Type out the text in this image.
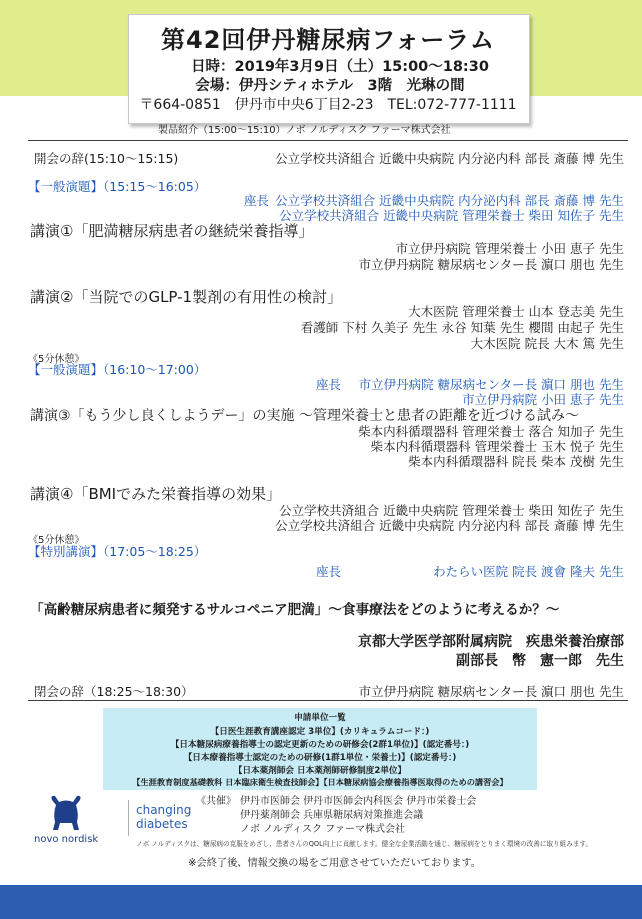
第42回伊丹糖尿病フォーラム
日時：2019年3月9日（土）15:00～18:30
会場：伊丹シティホテル　3階　光琳の間
〒664-0851　伊丹市中央6丁目2-23　TEL:072-777-1111
製品紹介（15:00～15:10）ノボ ノルディスク ファーマ株式会社
開会の辞(15:10～15:15)	公立学校共済組合 近畿中央病院 内分泌内科 部長 斎藤 博 先生
【一般演題】（15:15～16:05）
座長 公立学校共済組合 近畿中央病院 内分泌内科 部長 斎藤 博 先生
公立学校共済組合 近畿中央病院 管理栄養士 柴田 知佐子 先生
講演①「肥満糖尿病患者の継続栄養指導」
市立伊丹病院 管理栄養士 小田 恵子 先生
市立伊丹病院 糖尿病センター長 濵口 朋也 先生
講演②「当院でのGLP-1製剤の有用性の検討」
大木医院 管理栄養士 山本 登志美 先生
看護師 下村 久美子 先生 永谷 知葉 先生 櫻間 由起子 先生
大木医院 院長 大木 篤 先生
《5分休憩》
【一般演題】（16:10～17:00）
座長	市立伊丹病院 糖尿病センター長 濵口 朋也 先生
市立伊丹病院 小田 恵子 先生
講演③「もう少し良くしようデー」の実施 ～管理栄養士と患者の距離を近づける試み～
柴本内科循環器科 管理栄養士 落合 知加子 先生
柴本内科循環器科 管理栄養士 玉木 悦子 先生
柴本内科循環器科 院長 柴本 茂樹 先生
講演④「BMIでみた栄養指導の効果」
公立学校共済組合 近畿中央病院 管理栄養士 柴田 知佐子 先生
公立学校共済組合 近畿中央病院 内分泌内科 部長 斎藤 博 先生
《5分休憩》
【特別講演】（17:05～18:25）
座長	わたらい医院 院長 渡會 隆夫 先生
「高齢糖尿病患者に頻発するサルコペニア肥満」～食事療法をどのように考えるか？～
京都大学医学部附属病院　疾患栄養治療部
副部長　幣　憲一郎　先生
閉会の辞（18:25～18:30）	市立伊丹病院 糖尿病センター長 濵口 朋也 先生
申請単位一覧
【日医生涯教育講座認定 3単位】(カリキュラムコード：)
【日本糖尿病療養指導士の認定更新のための研修会(2群1単位)】(認定番号：)
【日本療養指導士認定のための研修(1群1単位・栄養士)】(認定番号：)
【日本薬剤師会 日本薬剤師研修制度2単位】
【生涯教育制度基礎教科 日本臨床衛生検査技師会】【日本糖尿病協会療養指導医取得のための講習会】
《共催》 伊丹市医師会 伊丹市医師会内科医会 伊丹市栄養士会
伊丹薬剤師会 兵庫県糖尿病対策推進会議
ノボ ノルディスク ファーマ株式会社
novo nordisk
changing
diabetes
ノボ ノルディスクは、糖尿病の克服をめざし、患者さんのQOL向上に貢献します。健全な企業活動を通じ、糖尿病をとりまく環境の改善に取り組みます。
※会終了後、情報交換の場をご用意させていただいております。
